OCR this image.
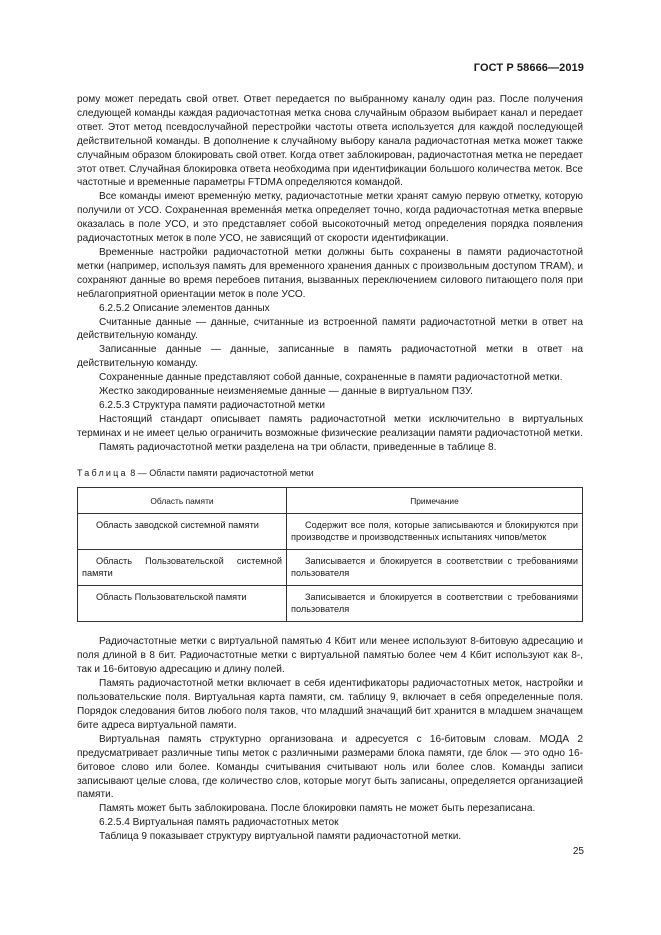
ГОСТ Р 58666—2019

рому может передать свой ответ. Ответ передается по выбранному каналу один раз. После получения следующей команды каждая радиочастотная метка снова случайным образом выбирает канал и передает ответ. Этот метод псевдослучайной перестройки частоты ответа используется для каждой последующей действительной команды. В дополнение к случайному выбору канала радиочастотная метка может также случайным образом блокировать свой ответ. Когда ответ заблокирован, радиочастотная метка не передает этот ответ. Случайная блокировка ответа необходима при идентификации большого количества меток. Все частотные и временные параметры FTDMA определяются командой.

Все команды имеют временну́ю метку, радиочастотные метки хранят самую первую отметку, которую получили от УСО. Сохраненная временна́я метка определяет точно, когда радиочастотная метка впервые оказалась в поле УСО, и это представляет собой высокоточный метод определения порядка появления радиочастотных меток в поле УСО, не зависящий от скорости идентификации.

Временные настройки радиочастотной метки должны быть сохранены в памяти радиочастотной метки (например, используя память для временного хранения данных с произвольным доступом TRAM), и сохраняют данные во время перебоев питания, вызванных переключением силового питающего поля при неблагоприятной ориентации меток в поле УСО.

6.2.5.2 Описание элементов данных

Считанные данные — данные, считанные из встроенной памяти радиочастотной метки в ответ на действительную команду.

Записанные данные — данные, записанные в память радиочастотной метки в ответ на действительную команду.

Сохраненные данные представляют собой данные, сохраненные в памяти радиочастотной метки.

Жестко закодированные неизменяемые данные — данные в виртуальном ПЗУ.

6.2.5.3 Структура памяти радиочастотной метки

Настоящий стандарт описывает память радиочастотной метки исключительно в виртуальных терминах и не имеет целью ограничить возможные физические реализации памяти радиочастотной метки.

Память радиочастотной метки разделена на три области, приведенные в таблице 8.

Таблица 8 — Области памяти радиочастотной метки

Область памяти	Примечание
Область заводской системной памяти	Содержит все поля, которые записываются и блокируются при производстве и производственных испытаниях чипов/меток
Область Пользовательской системной памяти	Записывается и блокируется в соответствии с требованиями пользователя
Область Пользовательской памяти	Записывается и блокируется в соответствии с требованиями пользователя

Радиочастотные метки с виртуальной памятью 4 Кбит или менее используют 8-битовую адресацию и поля длиной в 8 бит. Радиочастотные метки с виртуальной памятью более чем 4 Кбит используют как 8-, так и 16-битовую адресацию и длину полей.

Память радиочастотной метки включает в себя идентификаторы радиочастотных меток, настройки и пользовательские поля. Виртуальная карта памяти, см. таблицу 9, включает в себя определенные поля. Порядок следования битов любого поля таков, что младший значащий бит хранится в младшем значащем бите адреса виртуальной памяти.

Виртуальная память структурно организована и адресуется с 16-битовым словам. МОДА 2 предусматривает различные типы меток с различными размерами блока памяти, где блок — это одно 16-битовое слово или более. Команды считывания считывают ноль или более слов. Команды записи записывают целые слова, где количество слов, которые могут быть записаны, определяется организацией памяти.

Память может быть заблокирована. После блокировки память не может быть перезаписана.

6.2.5.4 Виртуальная память радиочастотных меток

Таблица 9 показывает структуру виртуальной памяти радиочастотной метки.

25
